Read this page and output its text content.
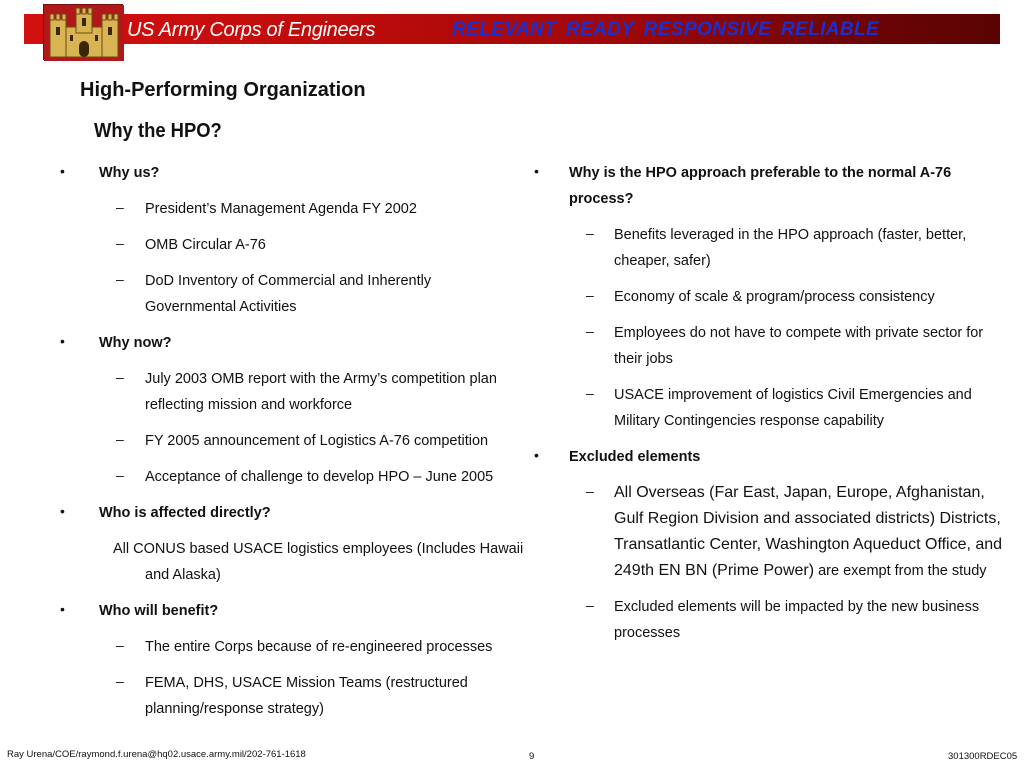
US Army Corps of Engineers	RELEVANT READY RESPONSIVE RELIABLE
High-Performing Organization
Why the HPO?
• Why us?
– President’s Management Agenda FY 2002
– OMB Circular A-76
– DoD Inventory of Commercial and Inherently Governmental Activities
• Why now?
– July 2003 OMB report with the Army’s competition plan reflecting mission and workforce
– FY 2005 announcement of Logistics A-76 competition
– Acceptance of challenge to develop HPO – June 2005
• Who is affected directly?
All CONUS based USACE logistics employees (Includes Hawaii and Alaska)
• Who will benefit?
– The entire Corps because of re-engineered processes
– FEMA, DHS, USACE Mission Teams (restructured planning/response strategy)
• Why is the HPO approach preferable to the normal A-76 process?
– Benefits leveraged in the HPO approach (faster, better, cheaper, safer)
– Economy of scale & program/process consistency
– Employees do not have to compete with private sector for their jobs
– USACE improvement of logistics Civil Emergencies and Military Contingencies response capability
• Excluded elements
– All Overseas (Far East, Japan, Europe, Afghanistan, Gulf Region Division and associated districts) Districts, Transatlantic Center, Washington Aqueduct Office, and 249th EN BN (Prime Power) are exempt from the study
– Excluded elements will be impacted by the new business processes
Ray Urena/COE/raymond.f.urena@hq02.usace.army.mil/202-761-1618	9	301300RDEC05
